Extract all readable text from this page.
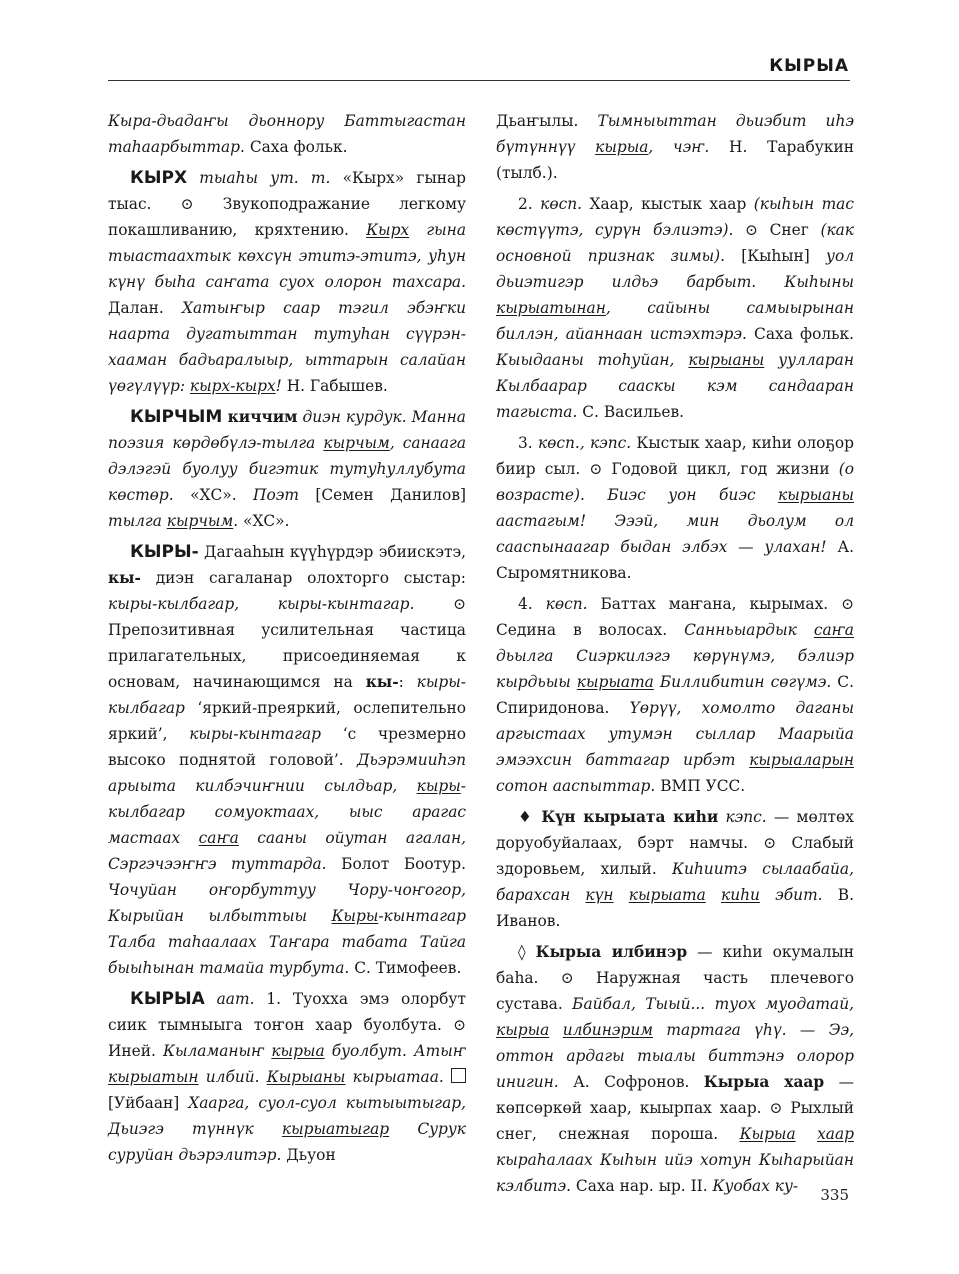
КЫРЫА

Кыра-дьадаҥы дьоннору Баттыгастан таһаарбыттар. Саха фольк.

КЫРХ тыаһы ут. т. «Кырх» гынар тыас. ⊙ Звукоподражание легкому покашливанию, кряхтению. Кырх гына тыастаахтык көхсүн этитэ-этитэ, уһун күнү быһа саҥата суох олорон тахсара. Далан. Хатыҥыр саар тэгил эбэҥки наарта дугатыттан тутуһан сүүрэн-хааман бадьаралыыр, ыттарын салайан үөгүлүүр: кырх-кырх! Н. Габышев.

КЫРЧЫМ киччим диэн курдук. Манна поэзия көрдөбүлэ-тылга кырчым, санаага дэлэгэй буолуу бигэтик тутуһуллубута көстөр. «ХС». Поэт [Семен Данилов] тылга кырчым. «ХС».

КЫРЫ- Дагааһын күүһүрдэр эбиискэтэ, кы- диэн сагаланар олохторго сыстар: кыры-кылбагар, кыры-кынтагар. ⊙ Препозитивная усилительная частица прилагательных, присоединяемая к основам, начинающимся на кы-: кыры-кылбагар ‘яркий-преяркий, ослепительно яркий’, кыры-кынтагар ‘с чрезмерно высоко поднятой головой’. Дьэрэмииһэп арыыта килбэчиҥнии сылдьар, кыры-кылбагар сомуоктаах, ыыс арагас мастаах саҥа сааны ойутан агалан, Сэргэчээҥҥэ туттарда. Болот Боотур. Чочуйан оҥорбуттуу Чору-чоҥогор, Кырыйан ылбыттыы Кыры-кынтагар Талба таһаалаах Таҥара табата Тайга быыһынан тамайа турбута. С. Тимофеев.

КЫРЫА аат. 1. Туохха эмэ олорбут сиик тымныыга тоҥон хаар буолбута. ⊙ Иней. Кыламаныҥ кырыа буолбут. Атыҥ кырыатын илбий. Кырыаны кырыатаа.  [Уйбаан] Хаарга, суол-суол кытыытыгар, Дьиэгэ түннүк кырыатыгар Сурук суруйан дьэрэлитэр. Дьуон

Дьаҥылы. Тымныыттан дьиэбит иһэ бүтүннүү кырыа, чэҥ. Н. Тарабукин (тылб.).

2. көсп. Хаар, кыстык хаар (кыһын тас көстүүтэ, сурүн бэлиэтэ). ⊙ Снег (как основной признак зимы). [Кыһын] уол дьиэтигэр илдьэ барбыт. Кыһыны кырыатынан, сайыны самыырынан биллэн, айаннаан истэхтэрэ. Саха фольк. Кыыдааны тоһуйан, кырыаны уулларан Кылбаарар сааскы кэм сандааран тагыста. С. Васильев.

3. көсп., кэпс. Кыстык хаар, киһи олоҕор биир сыл. ⊙ Годовой цикл, год жизни (о возрасте). Биэс уон биэс кырыаны аастагым! Эээй, мин дьолум ол сааспынаагар быдан элбэх — улахан! А. Сыромятникова.

4. көсп. Баттах маҥана, кырымах. ⊙ Седина в волосах. Санньыардык саҥа дьылга Сиэркилэгэ көрүнүмэ, бэлиэр кырдьыы кырыата Биллибитин сөгүмэ. С. Спиридонова. Үөрүү, хомолто даганы аргыстаах утумэн сыллар Маарыйа эмээхсин баттагар ирбэт кырыаларын сотон ааспыттар. ВМП УСС.

♦ Күн кырыата киһи кэпс. — мөлтөх доруобуйалаах, бэрт намчы. ⊙ Слабый здоровьем, хилый. Киһиитэ сылаабайа, барахсан күн кырыата киһи эбит. В. Иванов.

◊ Кырыа илбинэр — киһи окумалын баһа. ⊙ Наружная часть плечевого сустава. Байбал, Тыый... туох муодатай, кырыа илбинэрим тартага үһү. — Ээ, оттон ардагы тыалы биттэнэ олорор инигин. А. Софронов. Кырыа хаар — көпсөркөй хаар, кыырпах хаар. ⊙ Рыхлый снег, снежная пороша. Кырыа хаар кыраһалаах Кыһын ийэ хотун Кыһарыйан кэлбитэ. Саха нар. ыр. II. Куобах ку-	335
